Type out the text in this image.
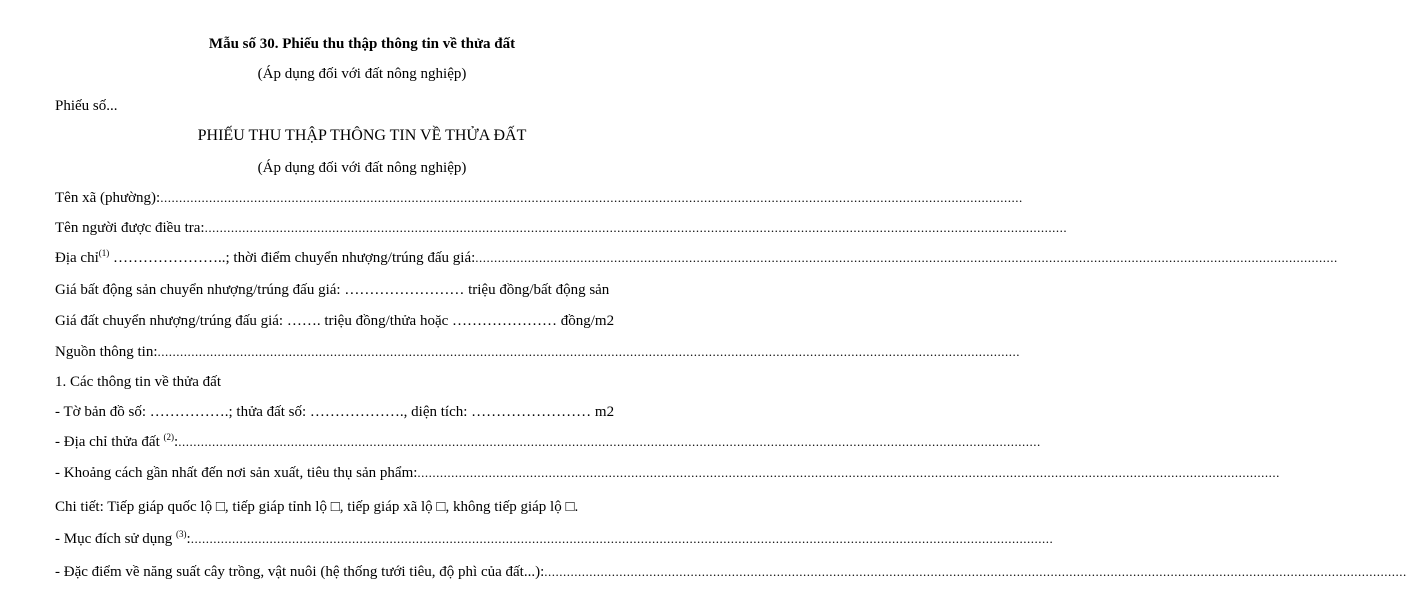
Mẫu số 30. Phiếu thu thập thông tin về thửa đất
(Áp dụng đối với đất nông nghiệp)
Phiếu số...
PHIẾU THU THẬP THÔNG TIN VỀ THỬA ĐẤT
(Áp dụng đối với đất nông nghiệp)
Tên xã (phường): ......................................................................................................................................................................................................................................
Tên người được điều tra: ......................................................................................................................................................................................................................................
Địa chỉ$^{(1)}$ …………………..; thời điểm chuyển nhượng/trúng đấu giá: ......................................................................................................................................................................................................................................
Giá bất động sản chuyển nhượng/trúng đấu giá: …………………… triệu đồng/bất động sản
Giá đất chuyển nhượng/trúng đấu giá: ……. triệu đồng/thửa hoặc ………………… đồng/m2
Nguồn thông tin: ......................................................................................................................................................................................................................................
1. Các thông tin về thửa đất
- Tờ bản đồ số: …………….; thửa đất số: ………………., diện tích: …………………… m2
- Địa chỉ thửa đất $^{(2)}$: ......................................................................................................................................................................................................................................
- Khoảng cách gần nhất đến nơi sản xuất, tiêu thụ sản phẩm: ......................................................................................................................................................................................................................................
Chi tiết: Tiếp giáp quốc lộ □, tiếp giáp tỉnh lộ □, tiếp giáp xã lộ □, không tiếp giáp lộ □.
- Mục đích sử dụng $^{(3)}$: ......................................................................................................................................................................................................................................
- Đặc điểm về năng suất cây trồng, vật nuôi (hệ thống tưới tiêu, độ phì của đất...): ......................................................................................................................................................................................................................................
